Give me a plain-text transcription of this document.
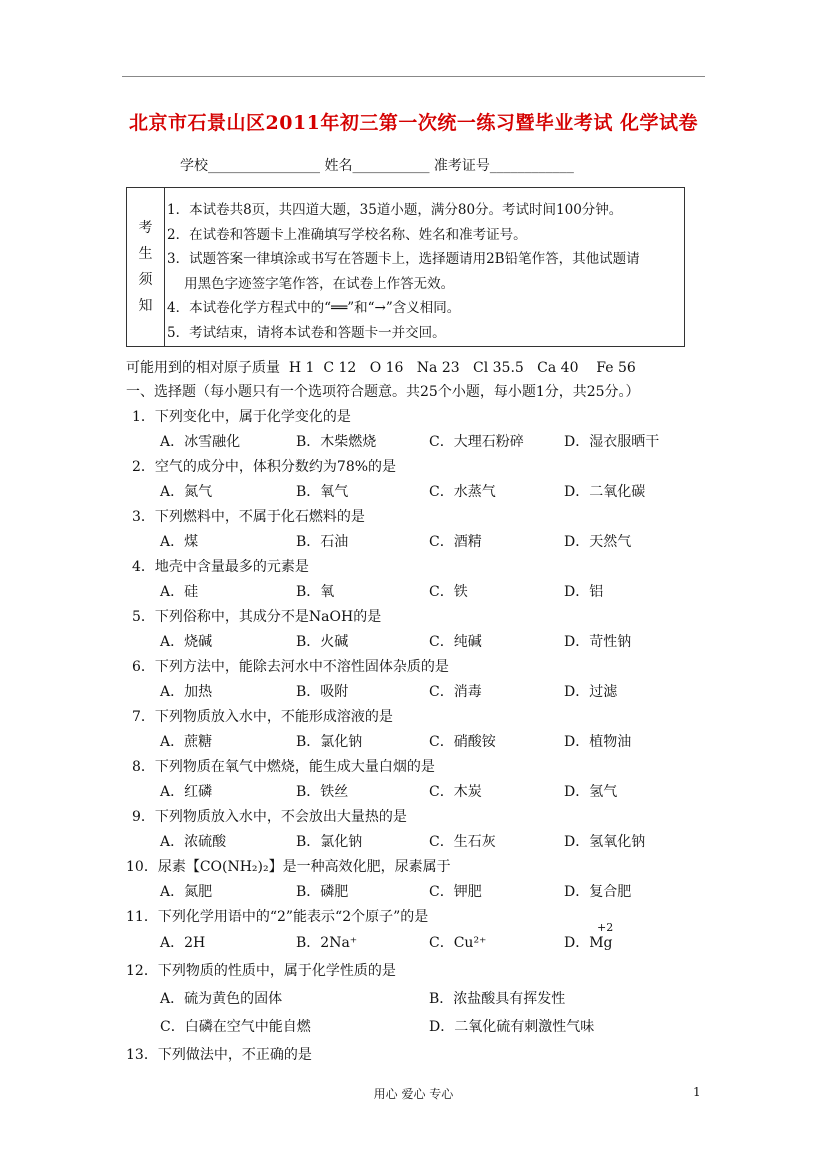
北京市石景山区2011年初三第一次统一练习暨毕业考试 化学试卷
学校________________ 姓名___________ 准考证号____________
考
生
须
知
1．本试卷共8页，共四道大题，35道小题，满分80分。考试时间100分钟。
2．在试卷和答题卡上准确填写学校名称、姓名和准考证号。
3．试题答案一律填涂或书写在答题卡上，选择题请用2B铅笔作答，其他试题请
用黑色字迹签字笔作答，在试卷上作答无效。
4．本试卷化学方程式中的“══”和“→”含义相同。
5．考试结束，请将本试卷和答题卡一并交回。
可能用到的相对原子质量  H 1  C 12   O 16   Na 23   Cl 35.5   Ca 40    Fe 56
一、选择题（每小题只有一个选项符合题意。共25个小题，每小题1分，共25分。）
1．下列变化中，属于化学变化的是
A．冰雪融化	B．木柴燃烧	C．大理石粉碎	D．湿衣服晒干
2．空气的成分中，体积分数约为78%的是
A．氮气	B．氧气	C．水蒸气	D．二氧化碳
3．下列燃料中，不属于化石燃料的是
A．煤	B．石油	C．酒精	D．天然气
4．地壳中含量最多的元素是
A．硅	B．氧	C．铁	D．铝
5．下列俗称中，其成分不是NaOH的是
A．烧碱	B．火碱	C．纯碱	D．苛性钠
6．下列方法中，能除去河水中不溶性固体杂质的是
A．加热	B．吸附	C．消毒	D．过滤
7．下列物质放入水中，不能形成溶液的是
A．蔗糖	B．氯化钠	C．硝酸铵	D．植物油
8．下列物质在氧气中燃烧，能生成大量白烟的是
A．红磷	B．铁丝	C．木炭	D．氢气
9．下列物质放入水中，不会放出大量热的是
A．浓硫酸	B．氯化钠	C．生石灰	D．氢氧化钠
10．尿素【CO(NH₂)₂】是一种高效化肥，尿素属于
A．氮肥	B．磷肥	C．钾肥	D．复合肥
11．下列化学用语中的“2”能表示“2个原子”的是
A．2H	B．2Na⁺	C．Cu²⁺	D．Mg
+2
12．下列物质的性质中，属于化学性质的是
A．硫为黄色的固体	B．浓盐酸具有挥发性
C．白磷在空气中能自燃	D．二氧化硫有刺激性气味
13．下列做法中，不正确的是
用心 爱心 专心	1
